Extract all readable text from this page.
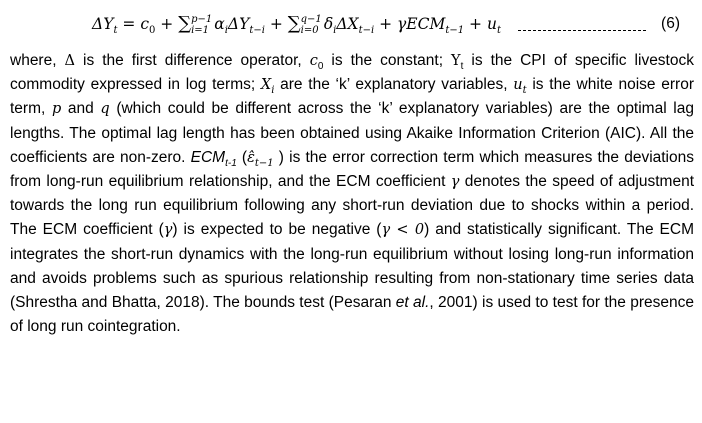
$\Delta Y_t = c_0$ + ∑ p−1
i=1 $\alpha_i\Delta Y_{t-i}$ + ∑ q−1
i=0 $\delta_i\Delta X_{t-i} + \gamma ECM_{t-1} + u_t$	(6)
where, Δ is the first difference operator, $c_0$ is the constant; $Y_t$ is the CPI of specific livestock commodity expressed in log terms; $X_i$ are the ‘k’ explanatory variables, $u_t$ is the white noise error term, p and q (which could be different across the ‘k’ explanatory variables) are the optimal lag lengths. The optimal lag length has been obtained using Akaike Information Criterion (AIC). All the coefficients are non-zero. $ECM_{t-1}$ ($\varepsilon̂_{t-1}$ ) is the error correction term which measures the deviations from long-run equilibrium relationship, and the ECM coefficient γ denotes the speed of adjustment towards the long run equilibrium following any short-run deviation due to shocks within a period. The ECM coefficient (γ) is expected to be negative (γ < 0) and statistically significant. The ECM integrates the short-run dynamics with the long-run equilibrium without losing long-run information and avoids problems such as spurious relationship resulting from non-stationary time series data (Shrestha and Bhatta, 2018). The bounds test (Pesaran et al., 2001) is used to test for the presence of long run cointegration.
